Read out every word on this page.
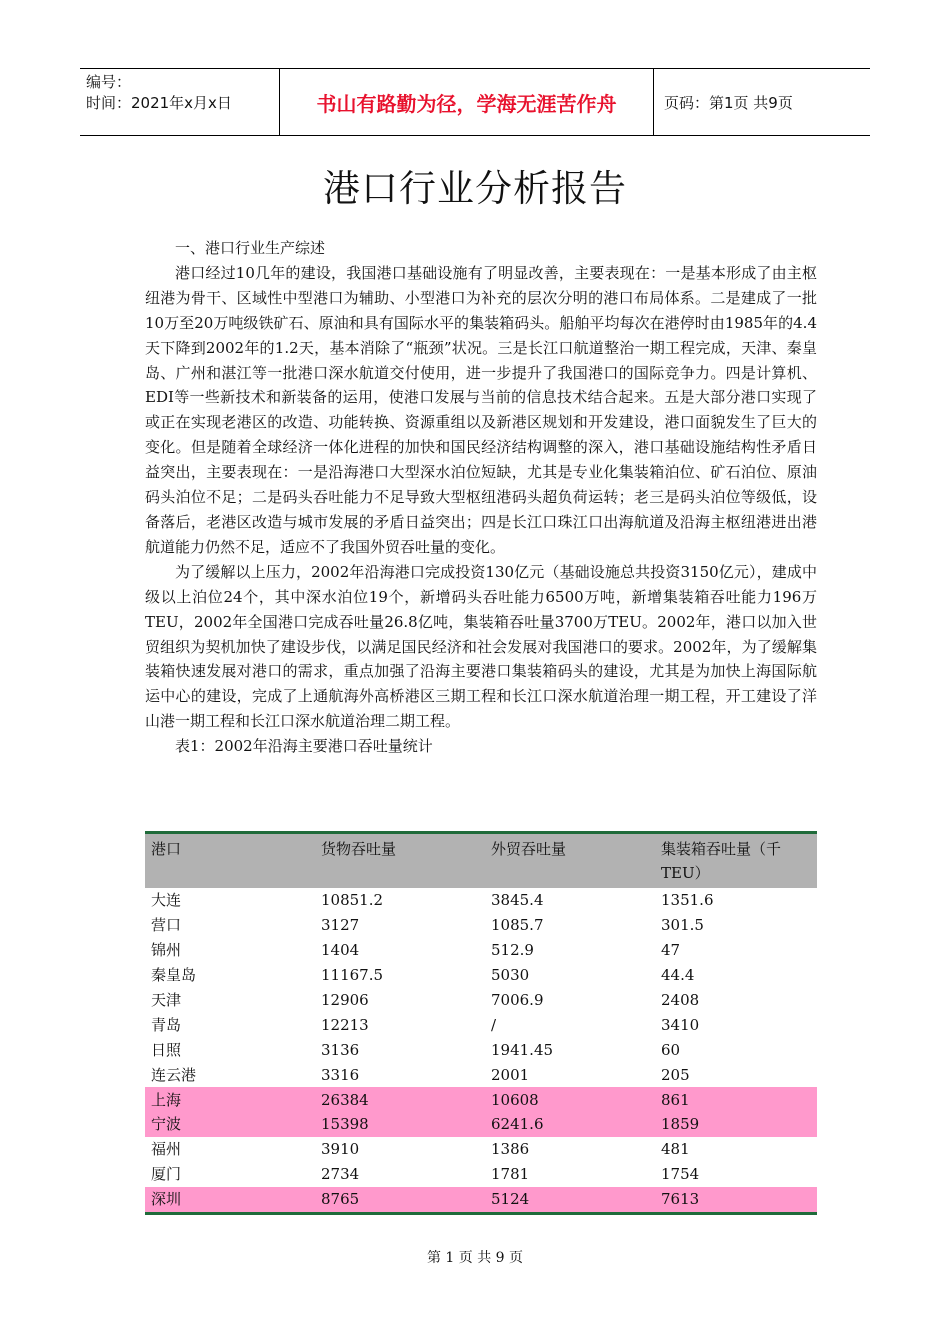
编号：
时间：2021年x月x日	书山有路勤为径，学海无涯苦作舟	页码：第1页 共9页
港口行业分析报告

一、港口行业生产综述

港口经过10几年的建设，我国港口基础设施有了明显改善，主要表现在：一是基本形成了由主枢纽港为骨干、区域性中型港口为辅助、小型港口为补充的层次分明的港口布局体系。二是建成了一批10万至20万吨级铁矿石、原油和具有国际水平的集装箱码头。船舶平均每次在港停时由1985年的4.4天下降到2002年的1.2天，基本消除了“瓶颈”状况。三是长江口航道整治一期工程完成，天津、秦皇岛、广州和湛江等一批港口深水航道交付使用，进一步提升了我国港口的国际竞争力。四是计算机、EDI等一些新技术和新装备的运用，使港口发展与当前的信息技术结合起来。五是大部分港口实现了或正在实现老港区的改造、功能转换、资源重组以及新港区规划和开发建设，港口面貌发生了巨大的变化。但是随着全球经济一体化进程的加快和国民经济结构调整的深入，港口基础设施结构性矛盾日益突出，主要表现在：一是沿海港口大型深水泊位短缺，尤其是专业化集装箱泊位、矿石泊位、原油码头泊位不足；二是码头吞吐能力不足导致大型枢纽港码头超负荷运转；老三是码头泊位等级低，设备落后，老港区改造与城市发展的矛盾日益突出；四是长江口珠江口出海航道及沿海主枢纽港进出港航道能力仍然不足，适应不了我国外贸吞吐量的变化。

为了缓解以上压力，2002年沿海港口完成投资130亿元（基础设施总共投资3150亿元），建成中级以上泊位24个，其中深水泊位19个，新增码头吞吐能力6500万吨，新增集装箱吞吐能力196万TEU，2002年全国港口完成吞吐量26.8亿吨，集装箱吞吐量3700万TEU。2002年，港口以加入世贸组织为契机加快了建设步伐，以满足国民经济和社会发展对我国港口的要求。2002年，为了缓解集装箱快速发展对港口的需求，重点加强了沿海主要港口集装箱码头的建设，尤其是为加快上海国际航运中心的建设，完成了上通航海外高桥港区三期工程和长江口深水航道治理一期工程，开工建设了洋山港一期工程和长江口深水航道治理二期工程。

表1：2002年沿海主要港口吞吐量统计

港口	货物吞吐量	外贸吞吐量	集装箱吞吐量（千TEU）
大连	10851.2	3845.4	1351.6
营口	3127	1085.7	301.5
锦州	1404	512.9	47
秦皇岛	11167.5	5030	44.4
天津	12906	7006.9	2408
青岛	12213	/	3410
日照	3136	1941.45	60
连云港	3316	2001	205
上海	26384	10608	861
宁波	15398	6241.6	1859
福州	3910	1386	481
厦门	2734	1781	1754
深圳	8765	5124	7613
第 1 页 共 9 页
